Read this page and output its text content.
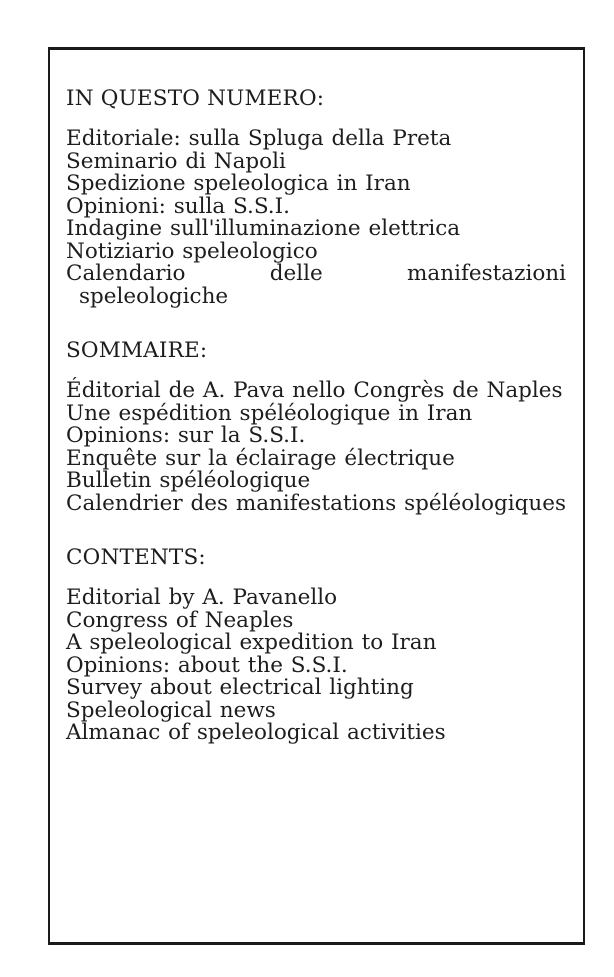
IN QUESTO NUMERO:
Editoriale: sulla Spluga della Preta
Seminario di Napoli
Spedizione speleologica in Iran
Opinioni: sulla S.S.I.
Indagine sull'illuminazione elettrica
Notiziario speleologico
Calendario delle manifestazioni speleologiche
SOMMAIRE:
Éditorial de A. Pava nello Congrès de Naples
Une espédition spéléologique in Iran
Opinions: sur la S.S.I.
Enquête sur la éclairage électrique
Bulletin spéléologique
Calendrier des manifestations spéléologiques
CONTENTS:
Editorial by A. Pavanello
Congress of Neaples
A speleological expedition to Iran
Opinions: about the S.S.I.
Survey about electrical lighting
Speleological news
Almanac of speleological activities
